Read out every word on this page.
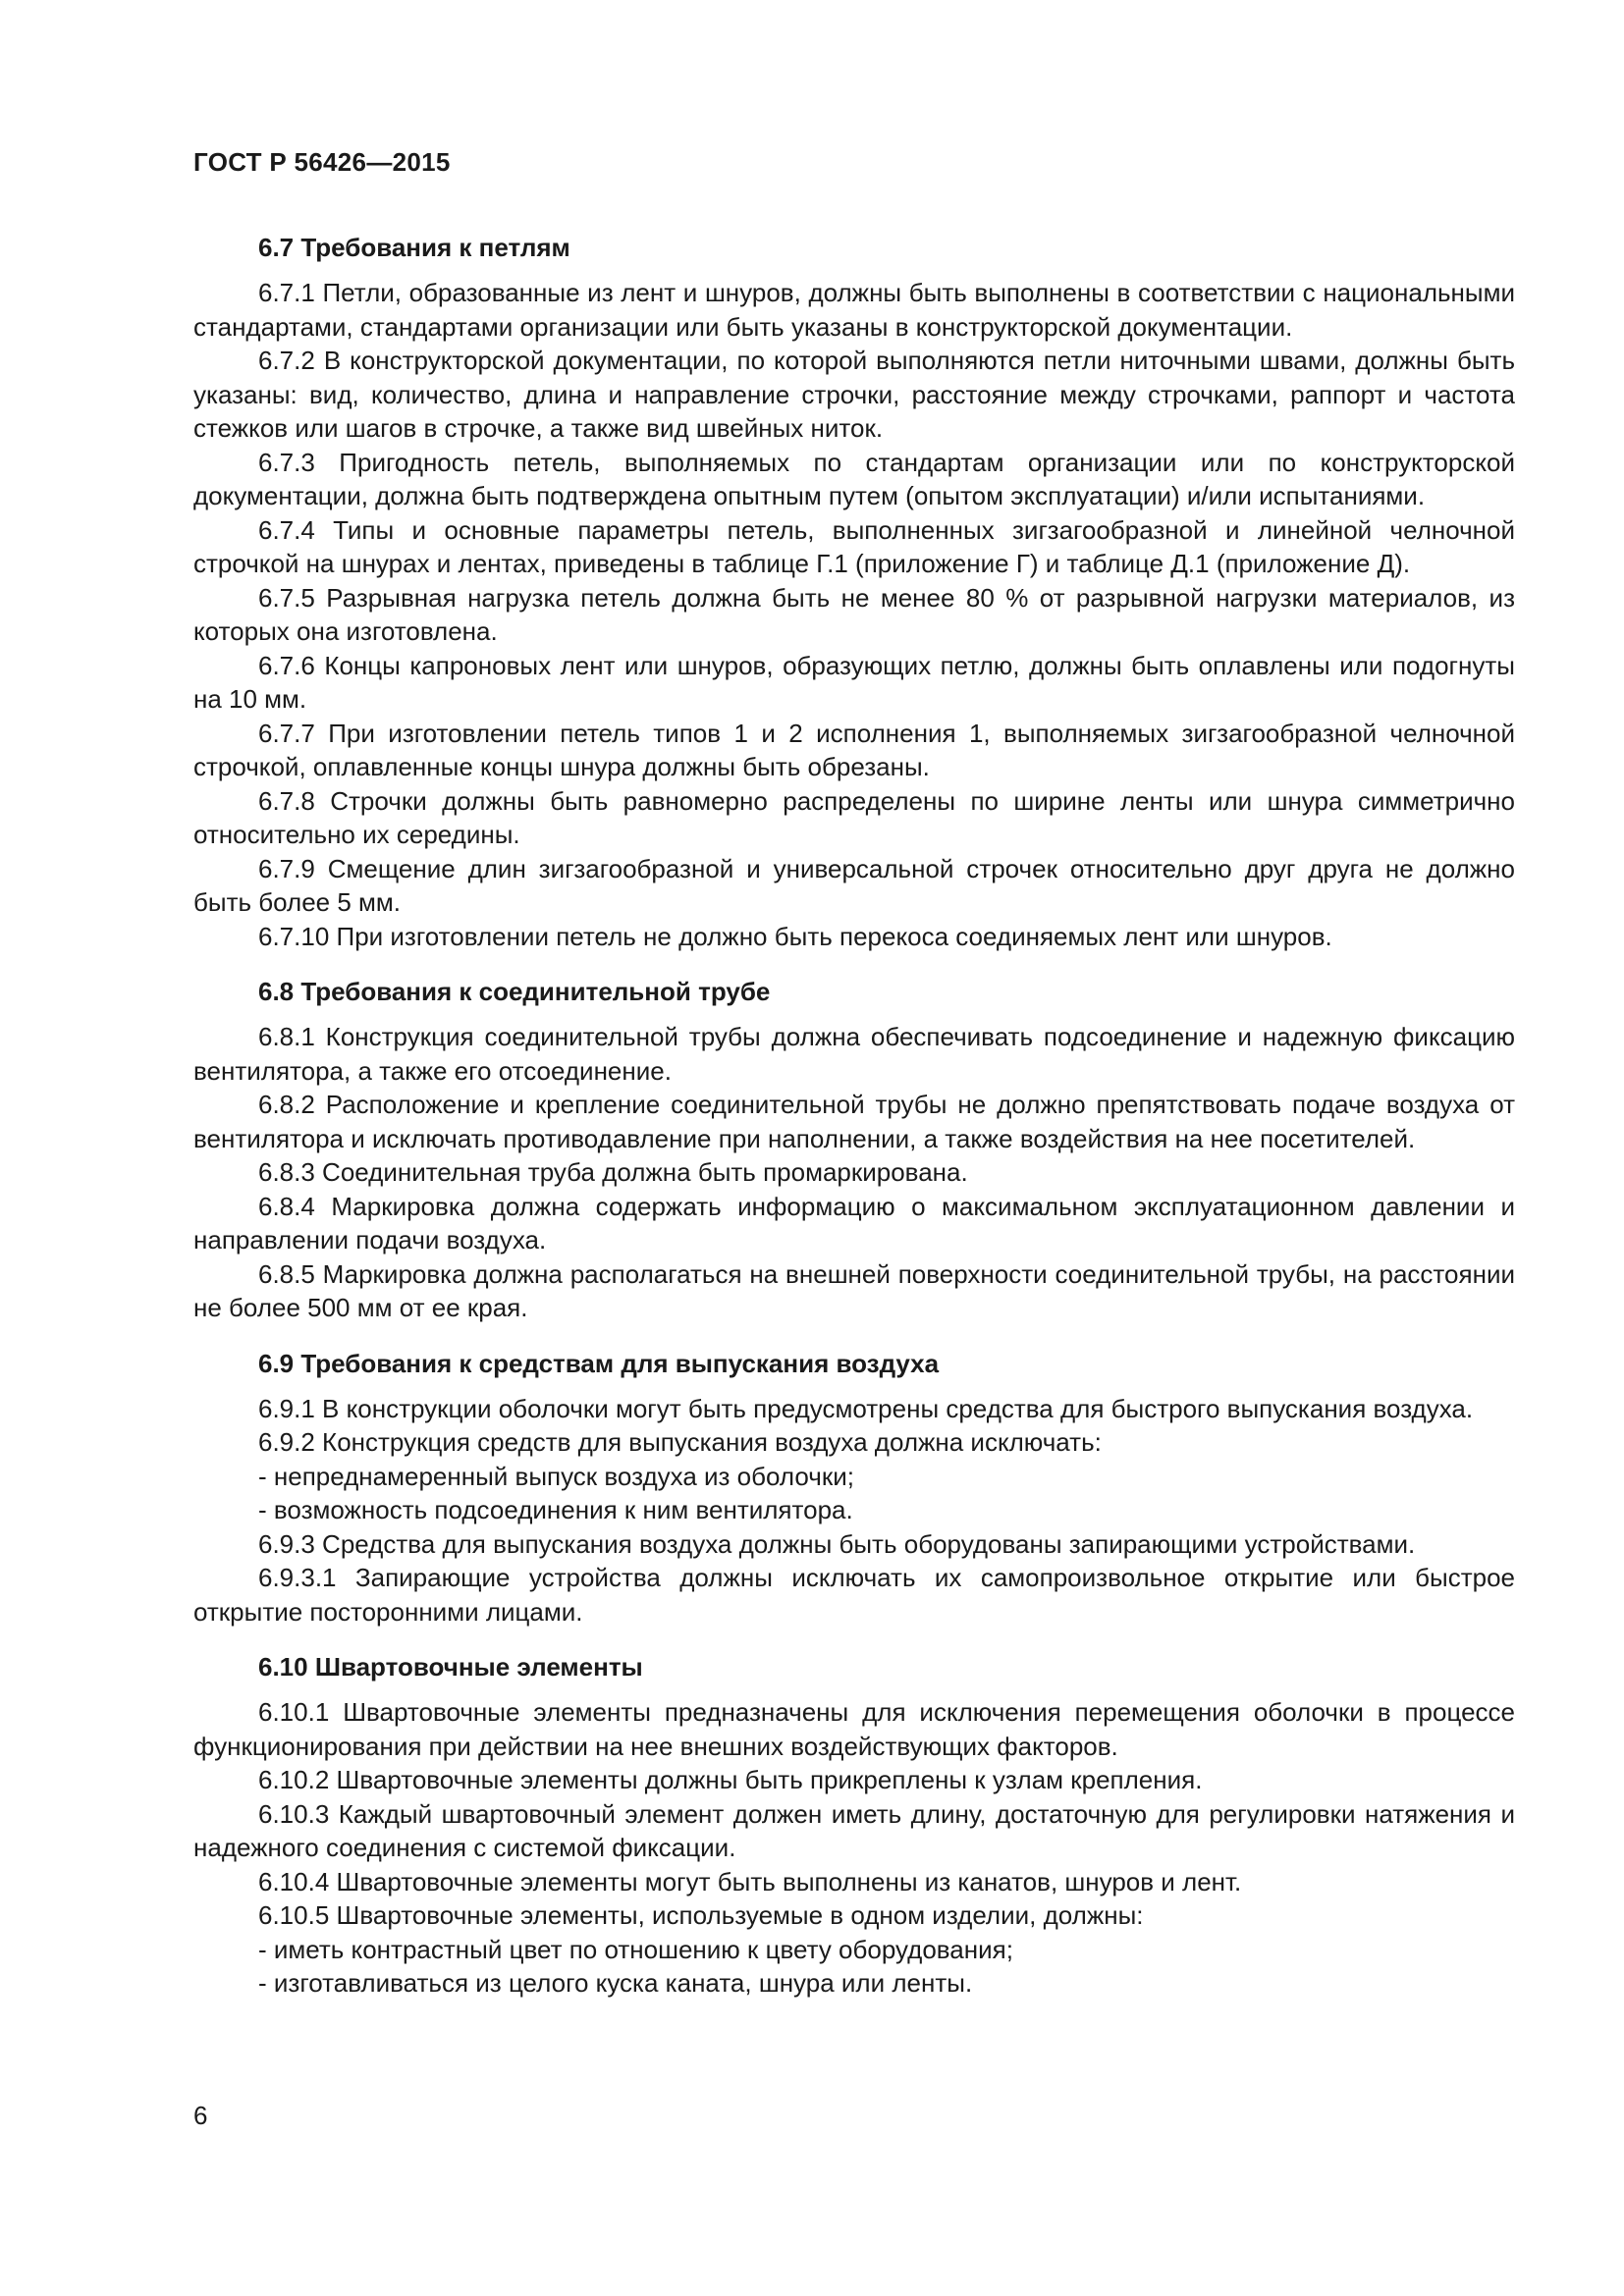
ГОСТ Р 56426—2015
6.7 Требования к петлям

6.7.1 Петли, образованные из лент и шнуров, должны быть выполнены в соответствии с национальными стандартами, стандартами организации или быть указаны в конструкторской документации.

6.7.2 В конструкторской документации, по которой выполняются петли ниточными швами, должны быть указаны: вид, количество, длина и направление строчки, расстояние между строчками, раппорт и частота стежков или шагов в строчке, а также вид швейных ниток.

6.7.3 Пригодность петель, выполняемых по стандартам организации или по конструкторской документации, должна быть подтверждена опытным путем (опытом эксплуатации) и/или испытаниями.

6.7.4 Типы и основные параметры петель, выполненных зигзагообразной и линейной челночной строчкой на шнурах и лентах, приведены в таблице Г.1 (приложение Г) и таблице Д.1 (приложение Д).

6.7.5 Разрывная нагрузка петель должна быть не менее 80 % от разрывной нагрузки материалов, из которых она изготовлена.

6.7.6 Концы капроновых лент или шнуров, образующих петлю, должны быть оплавлены или подогнуты на 10 мм.

6.7.7 При изготовлении петель типов 1 и 2 исполнения 1, выполняемых зигзагообразной челночной строчкой, оплавленные концы шнура должны быть обрезаны.

6.7.8 Строчки должны быть равномерно распределены по ширине ленты или шнура симметрично относительно их середины.

6.7.9 Смещение длин зигзагообразной и универсальной строчек относительно друг друга не должно быть более 5 мм.

6.7.10 При изготовлении петель не должно быть перекоса соединяемых лент или шнуров.

6.8 Требования к соединительной трубе

6.8.1 Конструкция соединительной трубы должна обеспечивать подсоединение и надежную фиксацию вентилятора, а также его отсоединение.

6.8.2 Расположение и крепление соединительной трубы не должно препятствовать подаче воздуха от вентилятора и исключать противодавление при наполнении, а также воздействия на нее посетителей.

6.8.3 Соединительная труба должна быть промаркирована.

6.8.4 Маркировка должна содержать информацию о максимальном эксплуатационном давлении и направлении подачи воздуха.

6.8.5 Маркировка должна располагаться на внешней поверхности соединительной трубы, на расстоянии не более 500 мм от ее края.

6.9 Требования к средствам для выпускания воздуха

6.9.1 В конструкции оболочки могут быть предусмотрены средства для быстрого выпускания воздуха.

6.9.2 Конструкция средств для выпускания воздуха должна исключать:

- непреднамеренный выпуск воздуха из оболочки;

- возможность подсоединения к ним вентилятора.

6.9.3 Средства для выпускания воздуха должны быть оборудованы запирающими устройствами.

6.9.3.1 Запирающие устройства должны исключать их самопроизвольное открытие или быстрое открытие посторонними лицами.

6.10 Швартовочные элементы

6.10.1 Швартовочные элементы предназначены для исключения перемещения оболочки в процессе функционирования при действии на нее внешних воздействующих факторов.

6.10.2 Швартовочные элементы должны быть прикреплены к узлам крепления.

6.10.3 Каждый швартовочный элемент должен иметь длину, достаточную для регулировки натяжения и надежного соединения с системой фиксации.

6.10.4 Швартовочные элементы могут быть выполнены из канатов, шнуров и лент.

6.10.5 Швартовочные элементы, используемые в одном изделии, должны:

- иметь контрастный цвет по отношению к цвету оборудования;

- изготавливаться из целого куска каната, шнура или ленты.

6
